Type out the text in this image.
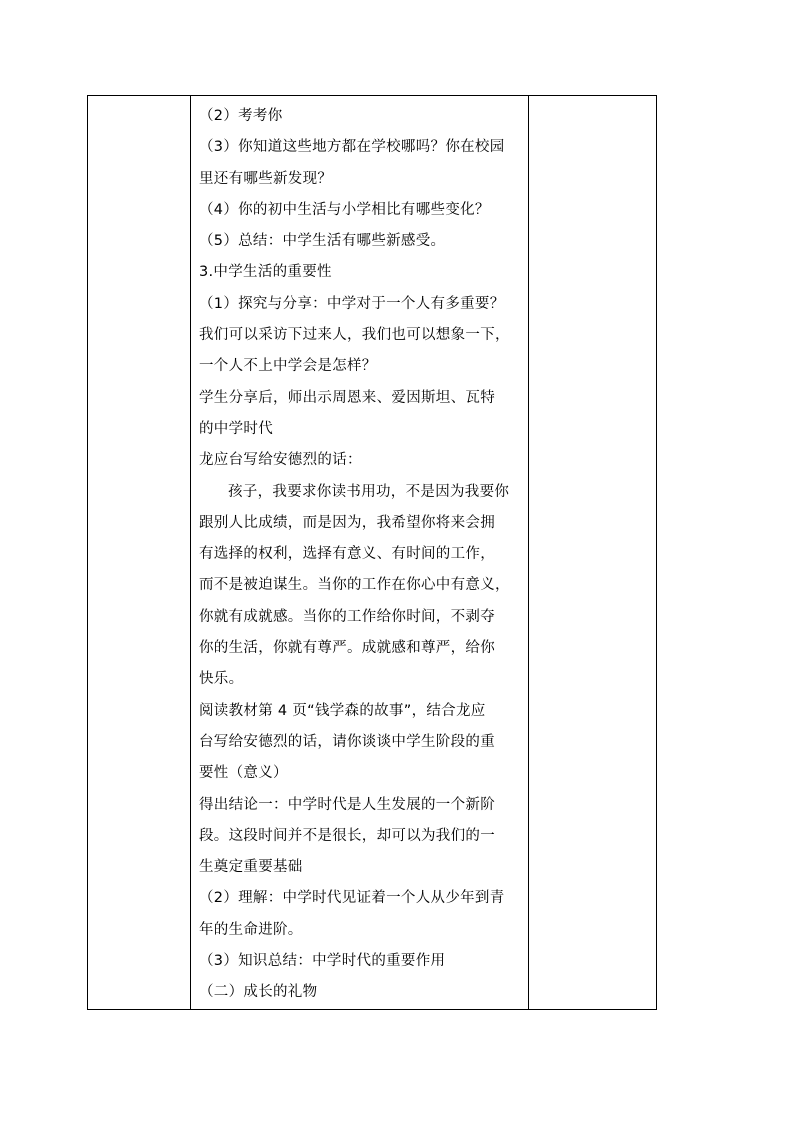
（2）考考你
（3）你知道这些地方都在学校哪吗？你在校园
里还有哪些新发现？
（4）你的初中生活与小学相比有哪些变化？
（5）总结：中学生活有哪些新感受。
3.中学生活的重要性
（1）探究与分享：中学对于一个人有多重要？
我们可以采访下过来人，我们也可以想象一下，
一个人不上中学会是怎样？
学生分享后，师出示周恩来、爱因斯坦、瓦特
的中学时代
龙应台写给安德烈的话：
孩子，我要求你读书用功，不是因为我要你
跟别人比成绩，而是因为，我希望你将来会拥
有选择的权利，选择有意义、有时间的工作，
而不是被迫谋生。当你的工作在你心中有意义，
你就有成就感。当你的工作给你时间，不剥夺
你的生活，你就有尊严。成就感和尊严，给你
快乐。
阅读教材第 4 页“钱学森的故事”，结合龙应
台写给安德烈的话，请你谈谈中学生阶段的重
要性（意义）
得出结论一：中学时代是人生发展的一个新阶
段。这段时间并不是很长，却可以为我们的一
生奠定重要基础
（2）理解：中学时代见证着一个人从少年到青
年的生命进阶。
（3）知识总结：中学时代的重要作用
（二）成长的礼物
